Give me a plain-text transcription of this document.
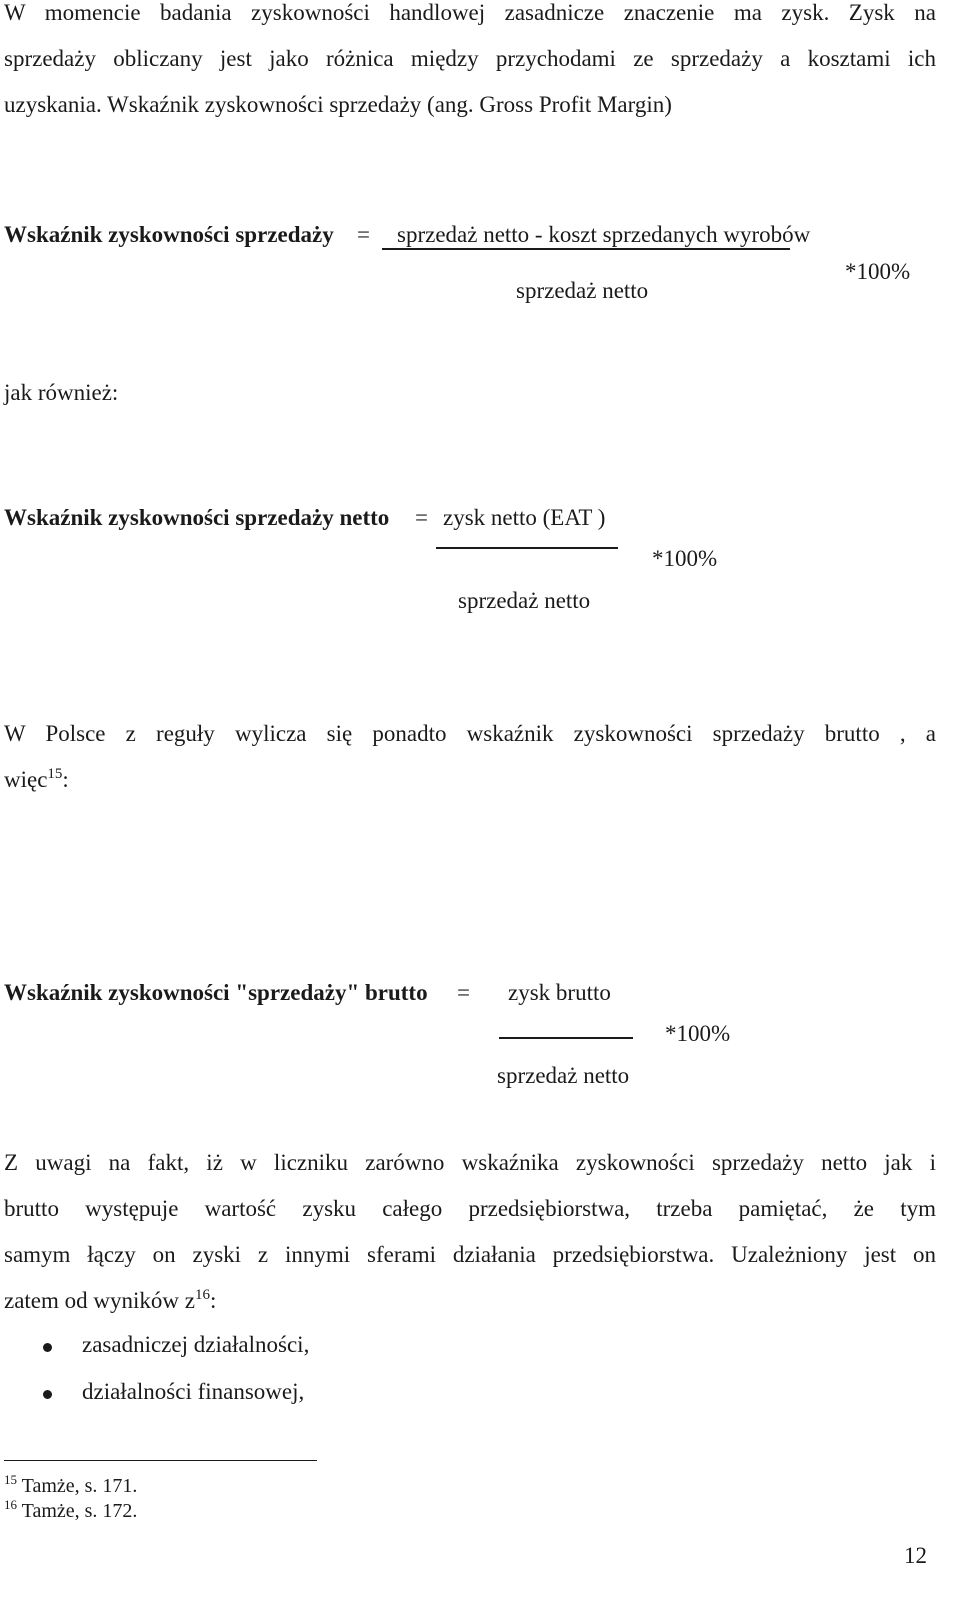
W momencie badania zyskowności handlowej zasadnicze znaczenie ma zysk. Zysk na
sprzedaży obliczany jest jako różnica między przychodami ze sprzedaży a kosztami ich
uzyskania. Wskaźnik zyskowności sprzedaży (ang. Gross Profit Margin)
Wskaźnik zyskowności sprzedaży = sprzedaż netto - koszt sprzedanych wyrobów
sprzedaż netto
*100%
jak również:
Wskaźnik zyskowności sprzedaży netto = zysk netto (EAT )
sprzedaż netto
*100%
W Polsce z reguły wylicza się ponadto wskaźnik zyskowności sprzedaży brutto , a
więc$^{15}$:
Wskaźnik zyskowności "sprzedaży" brutto = zysk brutto
sprzedaż netto
*100%
Z uwagi na fakt, iż w liczniku zarówno wskaźnika zyskowności sprzedaży netto jak i
brutto występuje wartość zysku całego przedsiębiorstwa, trzeba pamiętać, że tym
samym łączy on zyski z innymi sferami działania przedsiębiorstwa. Uzależniony jest on
zatem od wyników $z^{16}$:
zasadniczej działalności,
działalności finansowej,
$^{15}$ Tamże, s. 171.
$^{16}$ Tamże, s. 172.
12
